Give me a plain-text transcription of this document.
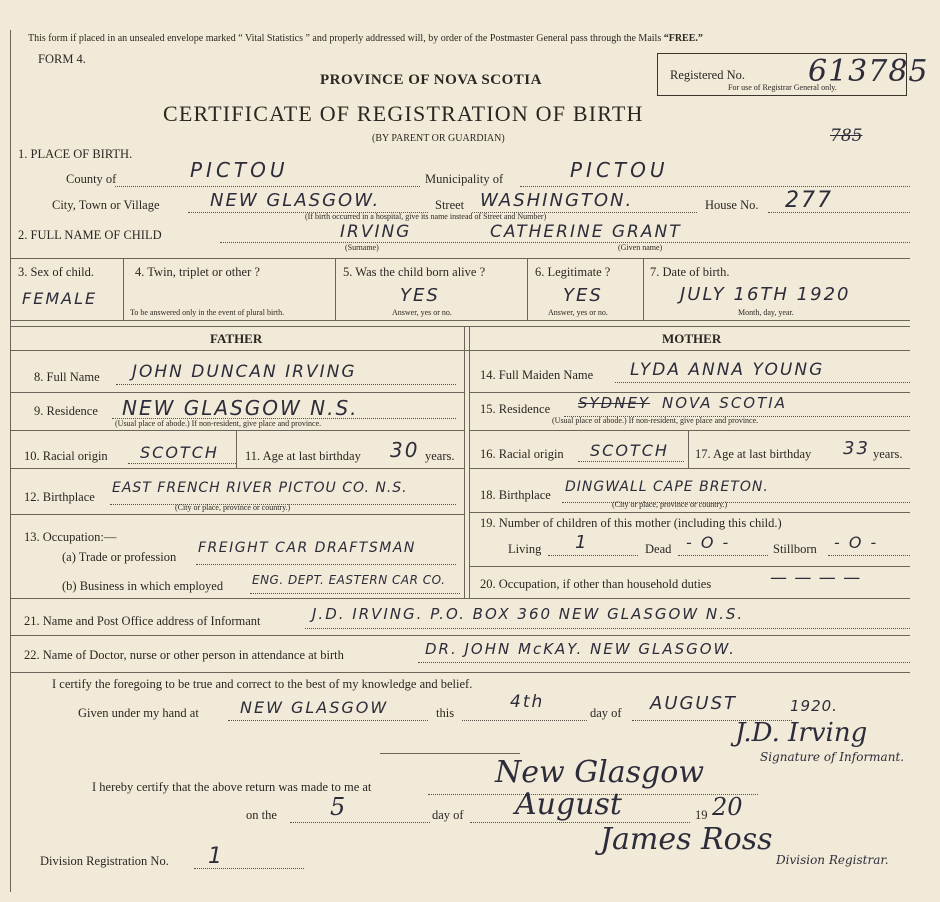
This form if placed in an unsealed envelope marked “ Vital Statistics ” and properly addressed will, by order of the Postmaster General pass through the Mails “FREE.”
FORM 4.
PROVINCE OF NOVA SCOTIA
CERTIFICATE OF REGISTRATION OF BIRTH
(BY PARENT OR GUARDIAN)
Registered No.
For use of Registrar General only.
613785
785
1. PLACE OF BIRTH.
County of	PICTOU	Municipality of	PICTOU
City, Town or Village	NEW GLASGOW.	Street WASHINGTON.	House No. 277
(If birth occurred in a hospital, give its name instead of Street and Number)
2. FULL NAME OF CHILD	IRVING	CATHERINE GRANT
(Surname)	(Given name)
3. Sex of child.
FEMALE
4. Twin, triplet or other ?
To be answered only in the event of plural birth.
5. Was the child born alive ?
YES
Answer, yes or no.
6. Legitimate ?
YES
Answer, yes or no.
7. Date of birth.
JULY 16TH 1920
Month, day, year.
FATHER	MOTHER
8. Full Name JOHN DUNCAN IRVING
9. Residence NEW GLASGOW N.S.
(Usual place of abode.) If non-resident, give place and province.
10. Racial origin SCOTCH 11. Age at last birthday 30 years.
12. Birthplace
EAST FRENCH RIVER PICTOU CO. N.S.
(City or place, province or country.)
13. Occupation:—
(a) Trade or profession
FREIGHT CAR DRAFTSMAN
(b) Business in which employed ENG. DEPT. EASTERN CAR CO.
14. Full Maiden Name LYDA ANNA YOUNG
15. Residence SYDNEY NOVA SCOTIA
(Usual place of abode.) If non-resident, give place and province.
16. Racial origin SCOTCH 17. Age at last birthday 33 years.
18. Birthplace DINGWALL CAPE BRETON.
(City or place, province or country.)
19. Number of children of this mother (including this child.)
Living 1	Dead - O -	Stillborn - O -
20. Occupation, if other than household duties	— — — —
21. Name and Post Office address of Informant	J.D. IRVING. P.O. BOX 360 NEW GLASGOW N.S.
22. Name of Doctor, nurse or other person in attendance at birth	DR. JOHN McKAY. NEW GLASGOW.
I certify the foregoing to be true and correct to the best of my knowledge and belief.
Given under my hand at	NEW GLASGOW	this
4th
day of AUGUST	1920.
J.D. Irving
Signature of Informant.
I hereby certify that the above return was made to me at	New Glasgow
on the 5	day of August	19 20
James Ross
Division Registrar.
Division Registration No. 1
